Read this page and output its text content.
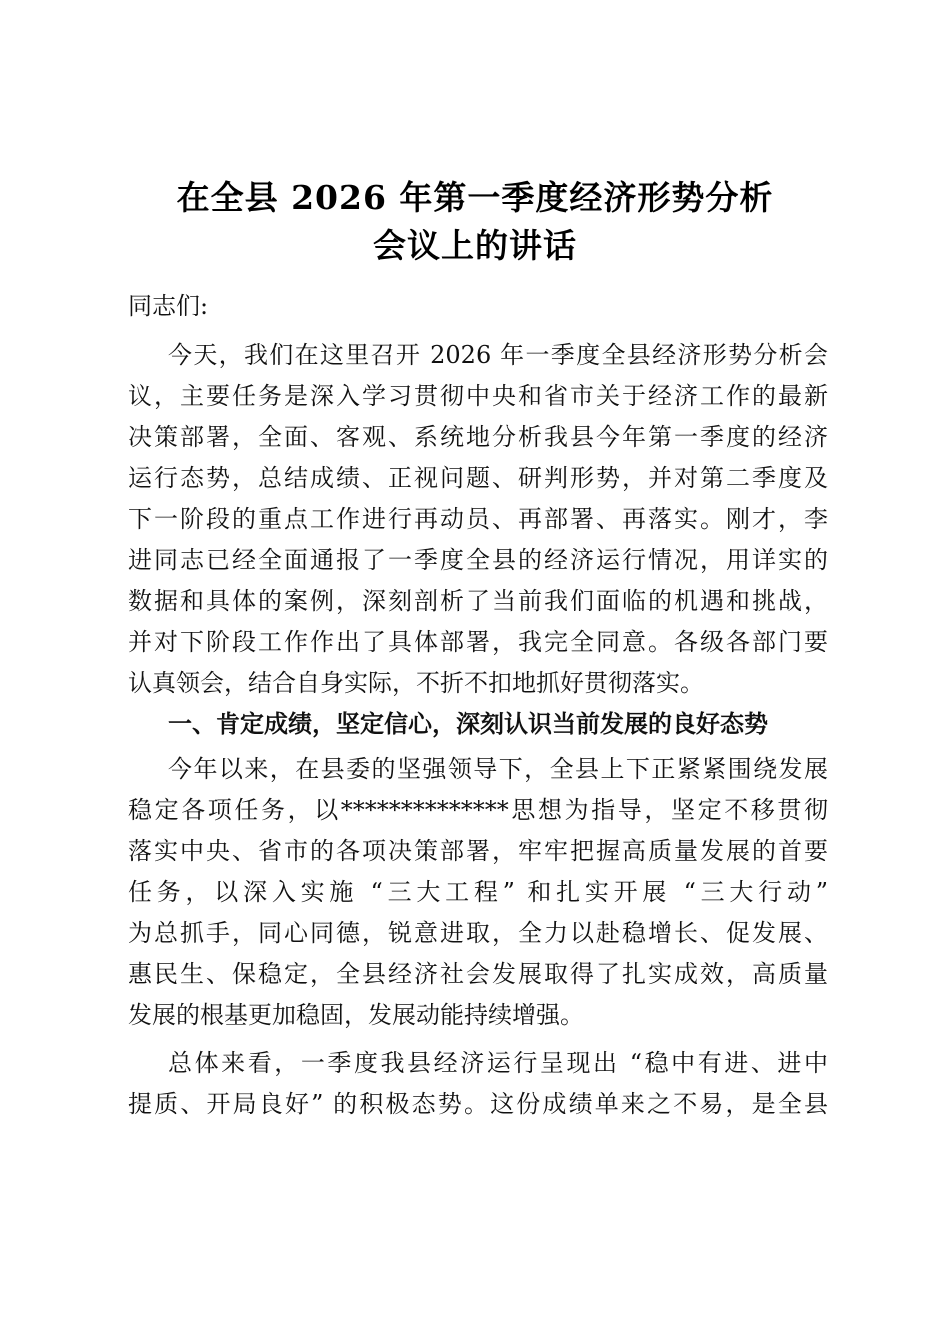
在全县 2026 年第一季度经济形势分析
会议上的讲话
同志们:
今天，我们在这里召开 2026 年一季度全县经济形势分析会
议，主要任务是深入学习贯彻中央和省市关于经济工作的最新
决策部署，全面、客观、系统地分析我县今年第一季度的经济
运行态势，总结成绩、正视问题、研判形势，并对第二季度及
下一阶段的重点工作进行再动员、再部署、再落实。刚才，李
进同志已经全面通报了一季度全县的经济运行情况，用详实的
数据和具体的案例，深刻剖析了当前我们面临的机遇和挑战，
并对下阶段工作作出了具体部署，我完全同意。各级各部门要
认真领会，结合自身实际，不折不扣地抓好贯彻落实。
一、肯定成绩，坚定信心，深刻认识当前发展的良好态势
今年以来，在县委的坚强领导下，全县上下正紧紧围绕发展
稳定各项任务，以**************思想为指导，坚定不移贯彻
落实中央、省市的各项决策部署，牢牢把握高质量发展的首要
任务，以深入实施 “三大工程” 和扎实开展 “三大行动”
为总抓手，同心同德，锐意进取，全力以赴稳增长、促发展、
惠民生、保稳定，全县经济社会发展取得了扎实成效，高质量
发展的根基更加稳固，发展动能持续增强。
总体来看，一季度我县经济运行呈现出 “稳中有进、进中
提质、开局良好” 的积极态势。这份成绩单来之不易，是全县
